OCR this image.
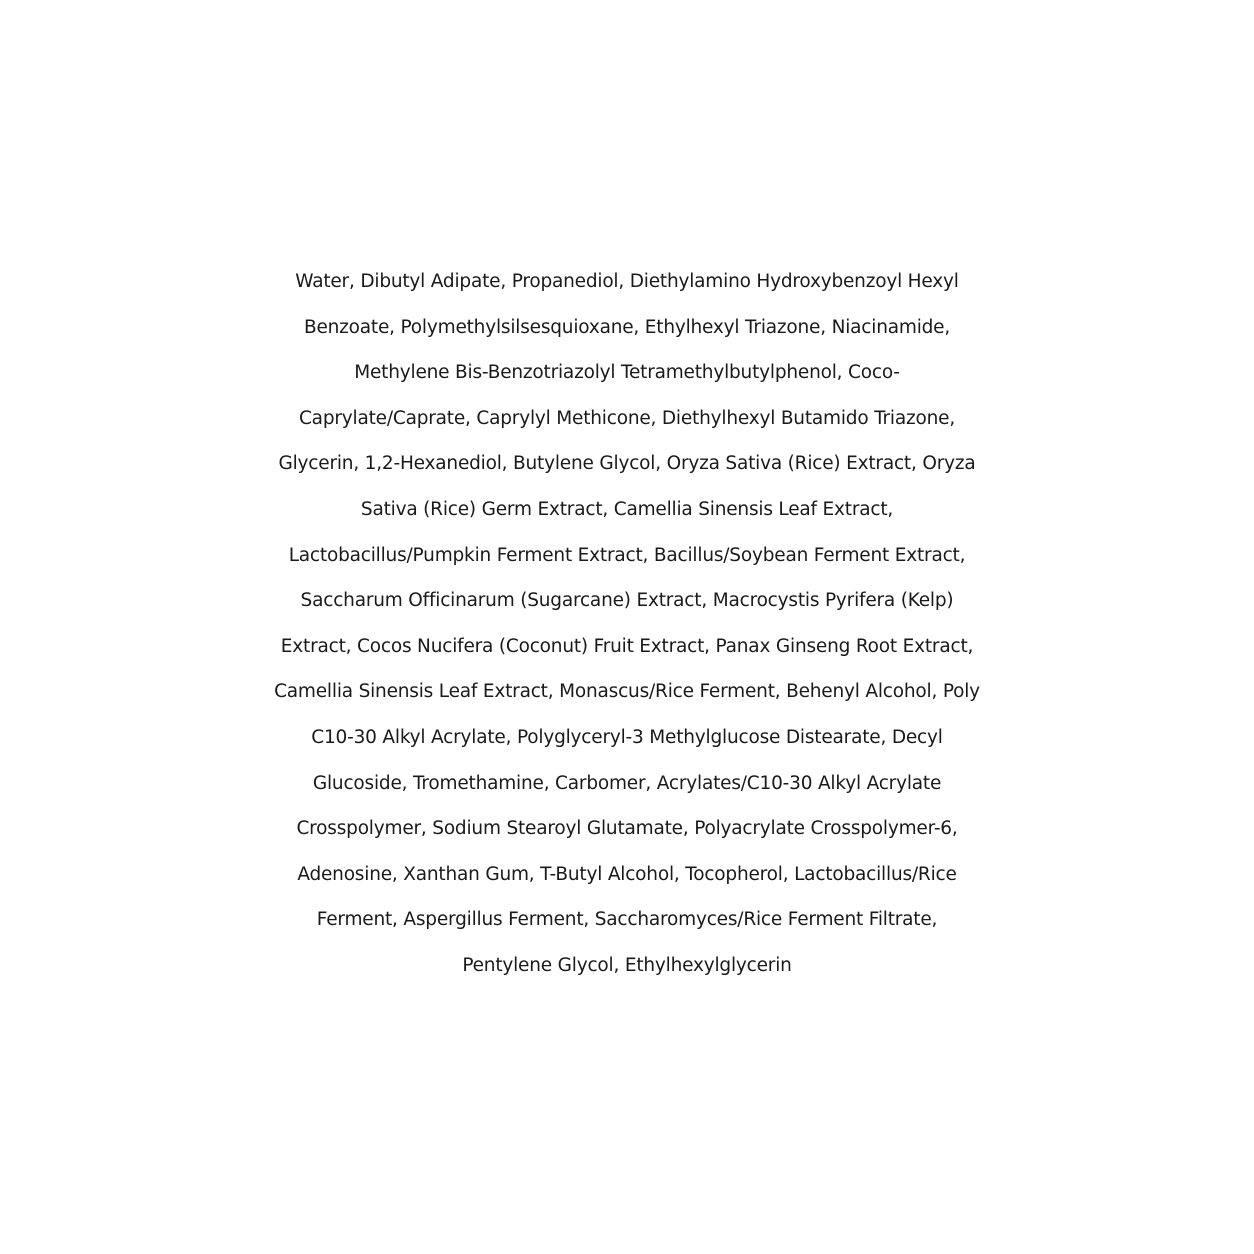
Water, Dibutyl Adipate, Propanediol, Diethylamino Hydroxybenzoyl Hexyl
Benzoate, Polymethylsilsesquioxane, Ethylhexyl Triazone, Niacinamide,
Methylene Bis-Benzotriazolyl Tetramethylbutylphenol, Coco-
Caprylate/Caprate, Caprylyl Methicone, Diethylhexyl Butamido Triazone,
Glycerin, 1,2-Hexanediol, Butylene Glycol, Oryza Sativa (Rice) Extract, Oryza
Sativa (Rice) Germ Extract, Camellia Sinensis Leaf Extract,
Lactobacillus/Pumpkin Ferment Extract, Bacillus/Soybean Ferment Extract,
Saccharum Officinarum (Sugarcane) Extract, Macrocystis Pyrifera (Kelp)
Extract, Cocos Nucifera (Coconut) Fruit Extract, Panax Ginseng Root Extract,
Camellia Sinensis Leaf Extract, Monascus/Rice Ferment, Behenyl Alcohol, Poly
C10-30 Alkyl Acrylate, Polyglyceryl-3 Methylglucose Distearate, Decyl
Glucoside, Tromethamine, Carbomer, Acrylates/C10-30 Alkyl Acrylate
Crosspolymer, Sodium Stearoyl Glutamate, Polyacrylate Crosspolymer-6,
Adenosine, Xanthan Gum, T-Butyl Alcohol, Tocopherol, Lactobacillus/Rice
Ferment, Aspergillus Ferment, Saccharomyces/Rice Ferment Filtrate,
Pentylene Glycol, Ethylhexylglycerin
